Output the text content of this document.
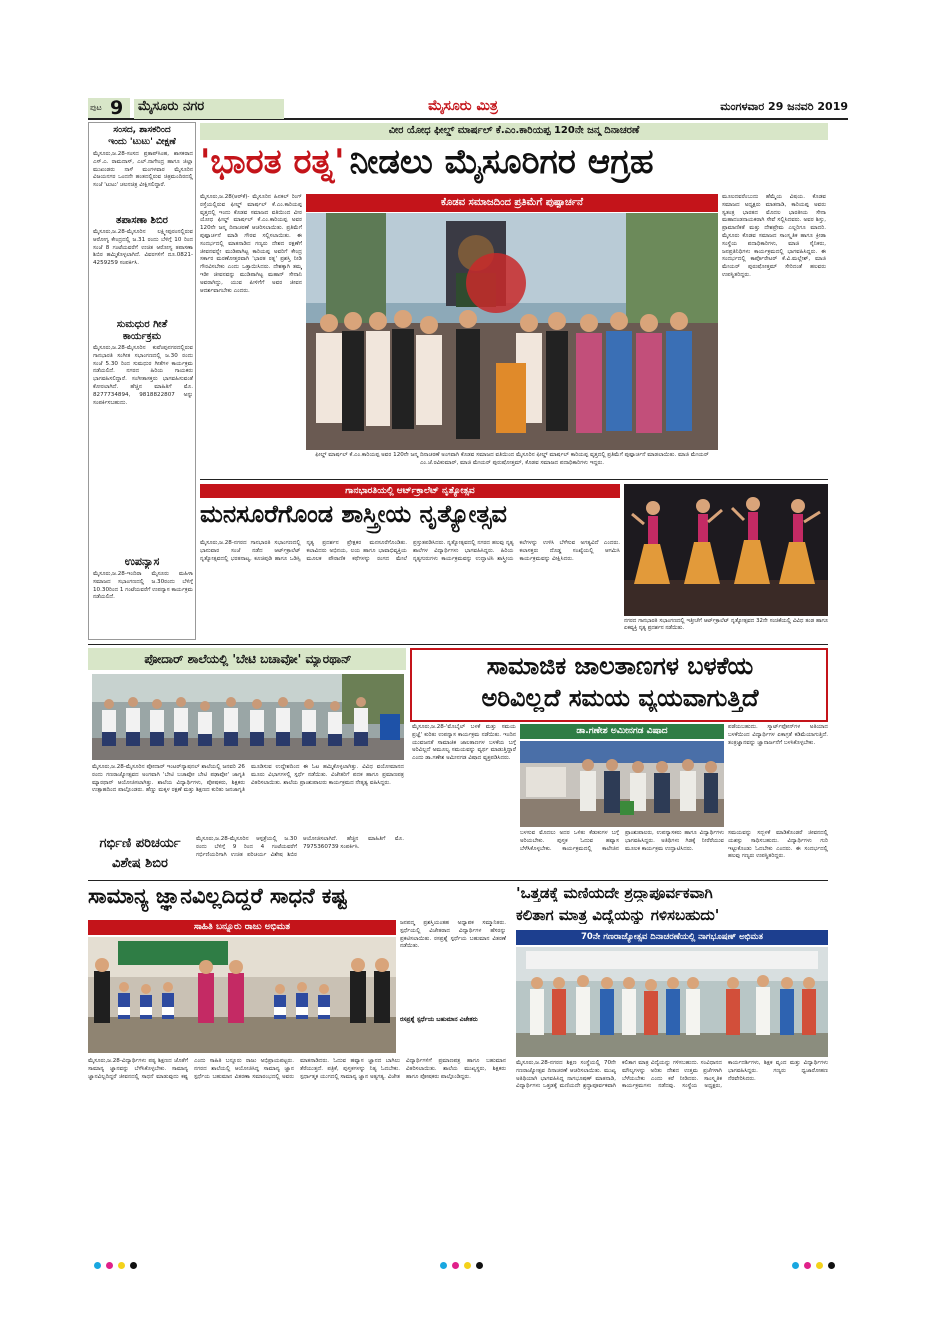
ಪುಟ 9	ಮೈಸೂರು ನಗರ	ಮೈಸೂರು ಮಿತ್ರ	ಮಂಗಳವಾರ 29 ಜನವರಿ 2019
ಸಂಸದ, ಶಾಸಕರಿಂದ
ಇಂದು 'ಟುಟು' ವೀಕ್ಷಣೆ
ಮೈಸೂರು,ಜ.28-ಸಂಸದ ಪ್ರತಾಪ್‌ಸಿಂಹ, ಶಾಸಕರಾದ ಎಸ್.ಎ. ರಾಮದಾಸ್, ಎಲ್.ನಾಗೇಂದ್ರ ಹಾಗೂ ಜಿಲ್ಲಾ ಮುಖಂಡರು ನಾಳೆ ಮಂಗಳವಾರ ಮೈಸೂರಿನ ವಿಜಯನಗರ ಒಂದನೇ ಹಂತದಲ್ಲಿರುವ ಚಿತ್ರಮಂದಿರದಲ್ಲಿ ಸಂಜೆ 'ಟುಟು' ಚಲನಚಿತ್ರ ವೀಕ್ಷಿಸಲಿದ್ದಾರೆ.
ತಪಾಸಣಾ ಶಿಬಿರ
ಮೈಸೂರು,ಜ.28-ಮೈಸೂರಿನ ಲಕ್ಷ್ಮೀಪುರಂನಲ್ಲಿರುವ ಆರೋಗ್ಯ ಕೇಂದ್ರದಲ್ಲಿ ಜ.31 ರಂದು ಬೆಳಿಗ್ಗೆ 10 ರಿಂದ ಸಂಜೆ 8 ಗಂಟೆಯವರೆಗೆ ಉಚಿತ ಆರೋಗ್ಯ ತಪಾಸಣಾ ಶಿಬಿರ ಹಮ್ಮಿಕೊಳ್ಳಲಾಗಿದೆ. ವಿವರಗಳಿಗೆ ದೂ.0821-4259259 ಸಂಪರ್ಕಿಸಿ.
ಸುಮಧುರ ಗೀತೆ
ಕಾರ್ಯಕ್ರಮ
ಮೈಸೂರು,ಜ.28-ಮೈಸೂರಿನ ಕುವೆಂಪುನಗರದಲ್ಲಿರುವ ಗಾನಭಾರತಿ ಸಂಗೀತ ಸಭಾಂಗಣದಲ್ಲಿ ಜ.30 ರಂದು ಸಂಜೆ 5.30 ರಿಂದ ಸುಮಧುರ ಗೀತೆಗಳ ಕಾರ್ಯಕ್ರಮ ನಡೆಯಲಿದೆ. ನಗರದ ಹಿರಿಯ ಗಾಯಕರು ಭಾಗವಹಿಸಲಿದ್ದಾರೆ. ಸಂಗೀತಾಸಕ್ತರು ಭಾಗವಹಿಸುವಂತೆ ಕೋರಲಾಗಿದೆ. ಹೆಚ್ಚಿನ ಮಾಹಿತಿಗೆ ಮೊ. 8277734894, 9818822807 ಅನ್ನು ಸಂಪರ್ಕಿಸಬಹುದು.
ಉಪನ್ಯಾಸ
ಮೈಸೂರು,ಜ.28-ಇಂದಿರಾ ಮೈಸೂರು ಮಹಿಳಾ ಸಮಾಜದ ಸಭಾಂಗಣದಲ್ಲಿ ಜ.30ರಂದು ಬೆಳಿಗ್ಗೆ 10.30ರಿಂದ 1 ಗಂಟೆಯವರೆಗೆ ಉಪನ್ಯಾಸ ಕಾರ್ಯಕ್ರಮ ನಡೆಯಲಿದೆ.
ವೀರ ಯೋಧ ಫೀಲ್ಡ್ ಮಾರ್ಷಲ್ ಕೆ.ಎಂ.ಕಾರಿಯಪ್ಪ 120ನೇ ಜನ್ಮ ದಿನಾಚರಣೆ
'ಭಾರತ ರತ್ನ' ನೀಡಲು ಮೈಸೂರಿಗರ ಆಗ್ರಹ
ಮೈಸೂರು,ಜ.28(ಆರ್‌ಕೆ)- ಮೈಸೂರಿನ ಹಿನಕಲ್ ರಿಂಗ್ ರಸ್ತೆಯಲ್ಲಿರುವ ಫೀಲ್ಡ್ ಮಾರ್ಷಲ್ ಕೆ.ಎಂ.ಕಾರಿಯಪ್ಪ ವೃತ್ತದಲ್ಲಿ ಇಂದು ಕೊಡವ ಸಮಾಜದ ವತಿಯಿಂದ ವೀರ ಯೋಧ ಫೀಲ್ಡ್ ಮಾರ್ಷಲ್ ಕೆ.ಎಂ.ಕಾರಿಯಪ್ಪ ಅವರ 120ನೇ ಜನ್ಮ ದಿನಾಚರಣೆ ಆಚರಿಸಲಾಯಿತು. ಪ್ರತಿಮೆಗೆ ಪುಷ್ಪಾರ್ಚನೆ ಮಾಡಿ ಗೌರವ ಸಲ್ಲಿಸಲಾಯಿತು. ಈ ಸಂದರ್ಭದಲ್ಲಿ ಮಾತನಾಡಿದ ಗಣ್ಯರು ದೇಶದ ರಕ್ಷಣೆಗೆ ಜೀವನವನ್ನೇ ಮುಡಿಪಾಗಿಟ್ಟ ಕಾರಿಯಪ್ಪ ಅವರಿಗೆ ಕೇಂದ್ರ ಸರ್ಕಾರ ಮರಣೋತ್ತರವಾಗಿ 'ಭಾರತ ರತ್ನ' ಪ್ರಶಸ್ತಿ ನೀಡಿ ಗೌರವಿಸಬೇಕು ಎಂದು ಒತ್ತಾಯಿಸಿದರು. ದೇಶಕ್ಕಾಗಿ ತಮ್ಮ ಇಡೀ ಜೀವನವನ್ನು ಮುಡಿಪಾಗಿಟ್ಟ ಮಹಾನ್ ಸೇನಾನಿ ಅವರಾಗಿದ್ದು, ಯುವ ಪೀಳಿಗೆಗೆ ಅವರ ಜೀವನ ಆದರ್ಶವಾಗಬೇಕು ಎಂದರು.
ಮೂಲದವರೆಂಬುದು ಹೆಮ್ಮೆಯ ವಿಷಯ. ಕೊಡವ ಸಮಾಜದ ಅಧ್ಯಕ್ಷರು ಮಾತನಾಡಿ, ಕಾರಿಯಪ್ಪ ಅವರು ಸ್ವತಂತ್ರ ಭಾರತದ ಮೊದಲ ಭಾರತೀಯ ಸೇನಾ ಮಹಾದಂಡನಾಯಕರಾಗಿ ಸೇವೆ ಸಲ್ಲಿಸಿದವರು. ಅವರ ಶಿಸ್ತು, ಪ್ರಾಮಾಣಿಕತೆ ಮತ್ತು ದೇಶಪ್ರೇಮ ಎಲ್ಲರಿಗೂ ಮಾದರಿ. ಮೈಸೂರು ಕೊಡವ ಸಮಾಜದ ಸಾಂಸ್ಕೃತಿಕ ಹಾಗೂ ಕ್ರೀಡಾ ಸಂಸ್ಥೆಯ ಪದಾಧಿಕಾರಿಗಳು, ಮಾಜಿ ಸೈನಿಕರು, ಜನಪ್ರತಿನಿಧಿಗಳು ಕಾರ್ಯಕ್ರಮದಲ್ಲಿ ಭಾಗವಹಿಸಿದ್ದರು. ಈ ಸಂದರ್ಭದಲ್ಲಿ ಕಾರ್ಪೊರೇಟರ್ ಕೆ.ವಿ.ಮಲ್ಲೇಶ್, ಮಾಜಿ ಮೇಯರ್ ಪುರುಷೋತ್ತಮ್ ಸೇರಿದಂತೆ ಹಲವರು ಉಪಸ್ಥಿತರಿದ್ದರು.
ಕೊಡವ ಸಮಾಜದಿಂದ ಪ್ರತಿಮೆಗೆ ಪುಷ್ಪಾರ್ಚನೆ
ಫೀಲ್ಡ್ ಮಾರ್ಷಲ್ ಕೆ.ಎಂ.ಕಾರಿಯಪ್ಪ ಅವರ 120ನೇ ಜನ್ಮ ದಿನಾಚರಣೆ ಅಂಗವಾಗಿ ಕೊಡವ ಸಮಾಜದ ವತಿಯಿಂದ ಮೈಸೂರಿನ ಫೀಲ್ಡ್ ಮಾರ್ಷಲ್ ಕಾರಿಯಪ್ಪ ವೃತ್ತದಲ್ಲಿ ಪ್ರತಿಮೆಗೆ ಪುಷ್ಪಾರ್ಚನೆ ಮಾಡಲಾಯಿತು. ಮಾಜಿ ಮೇಯರ್ ಎಂ.ಜೆ.ರವಿಕುಮಾರ್, ಮಾಜಿ ಮೇಯರ್ ಪುರುಷೋತ್ತಮ್, ಕೊಡವ ಸಮಾಜದ ಪದಾಧಿಕಾರಿಗಳು ಇದ್ದರು.
ಗಾನಭಾರತಿಯಲ್ಲಿ ಆರ್ಟ್‌ಕ್ರಾಲೆಟ್ ನೃತ್ಯೋತ್ಸವ
ಮನಸೂರೆಗೊಂಡ ಶಾಸ್ತ್ರೀಯ ನೃತ್ಯೋತ್ಸವ
ಮೈಸೂರು,ಜ.28-ನಗರದ ಗಾನಭಾರತಿ ಸಭಾಂಗಣದಲ್ಲಿ ಭಾನುವಾರ ಸಂಜೆ ನಡೆದ ಆರ್ಟ್‌ಕ್ರಾಲೆಟ್ ನೃತ್ಯೋತ್ಸವದಲ್ಲಿ ಭರತನಾಟ್ಯ, ಕೂಚಿಪುಡಿ ಹಾಗೂ ಒಡಿಸ್ಸಿ ನೃತ್ಯ ಪ್ರದರ್ಶನ ಪ್ರೇಕ್ಷಕರ ಮನಸೂರೆಗೊಂಡಿತು. ಕಲಾವಿದರು ಅಭಿನಯ, ಲಯ ಹಾಗೂ ಭಾವಾಭಿವ್ಯಕ್ತಿಯ ಮೂಲಕ ಪೌರಾಣಿಕ ಕಥೆಗಳನ್ನು ರಂಗದ ಮೇಲೆ ಪ್ರಸ್ತುತಪಡಿಸಿದರು. ನೃತ್ಯೋತ್ಸವದಲ್ಲಿ ನಗರದ ಹಲವು ನೃತ್ಯ ಶಾಲೆಗಳ ವಿದ್ಯಾರ್ಥಿಗಳು ಭಾಗವಹಿಸಿದ್ದರು. ಹಿರಿಯ ನೃತ್ಯಗುರುಗಳು ಕಾರ್ಯಕ್ರಮವನ್ನು ಉದ್ಘಾಟಿಸಿ ಶಾಸ್ತ್ರೀಯ ಕಲೆಗಳನ್ನು ಉಳಿಸಿ ಬೆಳೆಸುವ ಅಗತ್ಯವಿದೆ ಎಂದರು. ಕಲಾಸಕ್ತರು ದೊಡ್ಡ ಸಂಖ್ಯೆಯಲ್ಲಿ ಆಗಮಿಸಿ ಕಾರ್ಯಕ್ರಮವನ್ನು ವೀಕ್ಷಿಸಿದರು.
ನಗರದ ಗಾನಭಾರತಿ ಸಭಾಂಗಣದಲ್ಲಿ ಇತ್ತೀಚೆಗೆ ಆರ್ಟ್‌ಕ್ರಾಲೆಟ್ ನೃತ್ಯೋತ್ಸವದ 32ನೇ ಸಂಚಿಕೆಯಲ್ಲಿ ವಿವಿಧ ತಂಡ ಹಾಗೂ ಏಕವ್ಯಕ್ತಿ ನೃತ್ಯ ಪ್ರದರ್ಶನ ನಡೆಯಿತು.
ಪೋದಾರ್ ಶಾಲೆಯಲ್ಲಿ 'ಬೇಟಿ ಬಚಾವೋ' ಮ್ಯಾರಥಾನ್
ಮೈಸೂರು,ಜ.28-ಮೈಸೂರಿನ ಪೋದಾರ್ ಇಂಟರ್‌ನ್ಯಾಷನಲ್ ಶಾಲೆಯಲ್ಲಿ ಜನವರಿ 26 ರಂದು ಗಣರಾಜ್ಯೋತ್ಸವದ ಅಂಗವಾಗಿ 'ಬೇಟಿ ಬಚಾವೋ ಬೇಟಿ ಪಢಾವೋ' ಜಾಗೃತಿ ಮ್ಯಾರಥಾನ್ ಆಯೋಜಿಸಲಾಗಿತ್ತು. ಶಾಲೆಯ ವಿದ್ಯಾರ್ಥಿಗಳು, ಪೋಷಕರು, ಶಿಕ್ಷಕರು ಉತ್ಸಾಹದಿಂದ ಪಾಲ್ಗೊಂಡರು. ಹೆಣ್ಣು ಮಕ್ಕಳ ರಕ್ಷಣೆ ಮತ್ತು ಶಿಕ್ಷಣದ ಕುರಿತು ಜನಜಾಗೃತಿ ಮೂಡಿಸುವ ಉದ್ದೇಶದಿಂದ ಈ ಓಟ ಹಮ್ಮಿಕೊಳ್ಳಲಾಗಿತ್ತು. ವಿವಿಧ ವಯೋಮಾನದ ಮೂರು ವಿಭಾಗಗಳಲ್ಲಿ ಸ್ಪರ್ಧೆ ನಡೆಯಿತು. ವಿಜೇತರಿಗೆ ಪದಕ ಹಾಗೂ ಪ್ರಮಾಣಪತ್ರ ವಿತರಿಸಲಾಯಿತು. ಶಾಲೆಯ ಪ್ರಾಂಶುಪಾಲರು ಕಾರ್ಯಕ್ರಮದ ನೇತೃತ್ವ ವಹಿಸಿದ್ದರು.
ಗರ್ಭಿಣಿ ಪರಿಚರ್ಯ
ವಿಶೇಷ ಶಿಬಿರ
ಮೈಸೂರು,ಜ.28-ಮೈಸೂರಿನ ಆಸ್ಪತ್ರೆಯಲ್ಲಿ ಜ.30 ರಂದು ಬೆಳಿಗ್ಗೆ 9 ರಿಂದ 4 ಗಂಟೆಯವರೆಗೆ ಗರ್ಭಿಣಿಯರಿಗಾಗಿ ಉಚಿತ ಪರಿಚರ್ಯ ವಿಶೇಷ ಶಿಬಿರ ಆಯೋಜಿಸಲಾಗಿದೆ. ಹೆಚ್ಚಿನ ಮಾಹಿತಿಗೆ ಮೊ. 7975360739 ಸಂಪರ್ಕಿಸಿ.
ಸಾಮಾಜಿಕ ಜಾಲತಾಣಗಳ ಬಳಕೆಯ
ಅರಿವಿಲ್ಲದೆ ಸಮಯ ವ್ಯಯವಾಗುತ್ತಿದೆ
ಮೈಸೂರು,ಜ.28-'ಮೊಬೈಲ್ ಬಳಕೆ ಮತ್ತು ಸಮಯ ಪ್ರಜ್ಞೆ' ಕುರಿತು ಉಪನ್ಯಾಸ ಕಾರ್ಯಕ್ರಮ ನಡೆಯಿತು. ಇಂದಿನ ಯುವಜನತೆ ಸಾಮಾಜಿಕ ಜಾಲತಾಣಗಳ ಬಳಕೆಯ ಬಗ್ಗೆ ಅರಿವಿಲ್ಲದೆ ಅಮೂಲ್ಯ ಸಮಯವನ್ನು ವ್ಯರ್ಥ ಮಾಡುತ್ತಿದ್ದಾರೆ ಎಂದು ಡಾ.ಗಣೇಶ ಅಮೀನಗಡ ವಿಷಾದ ವ್ಯಕ್ತಪಡಿಸಿದರು.
ಡಾ.ಗಣೇಶ ಅಮೀನಗಡ ವಿಷಾದ	ಪಡೆಯಬಹುದು. ಸ್ಮಾರ್ಟ್‌ಫೋನ್‌ಗಳ ಅತಿಯಾದ ಬಳಕೆಯಿಂದ ವಿದ್ಯಾರ್ಥಿಗಳ ಏಕಾಗ್ರತೆ ಕಡಿಮೆಯಾಗುತ್ತಿದೆ. ತಂತ್ರಜ್ಞಾನವನ್ನು ಜ್ಞಾನಾರ್ಜನೆಗೆ ಬಳಸಿಕೊಳ್ಳಬೇಕು.
ಬಳಸುವ ಮೊದಲು ಅದರ ಒಳಿತು ಕೆಡುಕುಗಳ ಬಗ್ಗೆ ಅರಿಯಬೇಕು. ಪುಸ್ತಕ ಓದುವ ಹವ್ಯಾಸ ಬೆಳೆಸಿಕೊಳ್ಳಬೇಕು. ಕಾರ್ಯಕ್ರಮದಲ್ಲಿ ಕಾಲೇಜಿನ ಪ್ರಾಂಶುಪಾಲರು, ಉಪನ್ಯಾಸಕರು ಹಾಗೂ ವಿದ್ಯಾರ್ಥಿಗಳು ಭಾಗವಹಿಸಿದ್ದರು. ಅತಿಥಿಗಳು ಗಿಡಕ್ಕೆ ನೀರೆರೆಯುವ ಮೂಲಕ ಕಾರ್ಯಕ್ರಮ ಉದ್ಘಾಟಿಸಿದರು.
ಸಮಯವನ್ನು ಸದ್ಬಳಕೆ ಮಾಡಿಕೊಂಡರೆ ಜೀವನದಲ್ಲಿ ಯಶಸ್ಸು ಸಾಧಿಸಬಹುದು. ವಿದ್ಯಾರ್ಥಿಗಳು ಗುರಿ ಇಟ್ಟುಕೊಂಡು ಓದಬೇಕು ಎಂದರು. ಈ ಸಂದರ್ಭದಲ್ಲಿ ಹಲವು ಗಣ್ಯರು ಉಪಸ್ಥಿತರಿದ್ದರು.
ಸಾಮಾನ್ಯ ಜ್ಞಾನವಿಲ್ಲದಿದ್ದರೆ ಸಾಧನೆ ಕಷ್ಟ
ಸಾಹಿತಿ ಬನ್ನೂರು ರಾಜು ಅಭಿಮತ	ಜನಪದ್ಮ ಪ್ರಶಸ್ತಿಯಂತಹ ಅಧ್ಯಾಪಕ ಸಮ್ಮಾನಿತರು. ಸ್ಪರ್ಧೆಯಲ್ಲಿ ವಿಜೇತರಾದ ವಿದ್ಯಾರ್ಥಿಗಳ ಹೆಸರನ್ನು ಪ್ರಕಟಿಸಲಾಯಿತು. ರಸಪ್ರಶ್ನೆ ಸ್ಪರ್ಧೆಯ ಬಹುಮಾನ ವಿತರಣೆ ನಡೆಯಿತು.
ರಸಪ್ರಶ್ನೆ ಸ್ಪರ್ಧೆಯ ಬಹುಮಾನ ವಿಜೇತರು
ಮೈಸೂರು,ಜ.28-ವಿದ್ಯಾರ್ಥಿಗಳು ಪಠ್ಯ ಶಿಕ್ಷಣದ ಜೊತೆಗೆ ಸಾಮಾನ್ಯ ಜ್ಞಾನವನ್ನು ಬೆಳೆಸಿಕೊಳ್ಳಬೇಕು. ಸಾಮಾನ್ಯ ಜ್ಞಾನವಿಲ್ಲದಿದ್ದರೆ ಜೀವನದಲ್ಲಿ ಸಾಧನೆ ಮಾಡುವುದು ಕಷ್ಟ ಎಂದು ಸಾಹಿತಿ ಬನ್ನೂರು ರಾಜು ಅಭಿಪ್ರಾಯಪಟ್ಟರು. ನಗರದ ಶಾಲೆಯಲ್ಲಿ ಆಯೋಜಿಸಿದ್ದ ಸಾಮಾನ್ಯ ಜ್ಞಾನ ಸ್ಪರ್ಧೆಯ ಬಹುಮಾನ ವಿತರಣಾ ಸಮಾರಂಭದಲ್ಲಿ ಅವರು ಮಾತನಾಡಿದರು. ಓದುವ ಹವ್ಯಾಸ ಜ್ಞಾನದ ಬಾಗಿಲು ತೆರೆಯುತ್ತದೆ. ಪತ್ರಿಕೆ, ಪುಸ್ತಕಗಳನ್ನು ನಿತ್ಯ ಓದಬೇಕು. ಸ್ಪರ್ಧಾತ್ಮಕ ಯುಗದಲ್ಲಿ ಸಾಮಾನ್ಯ ಜ್ಞಾನ ಅತ್ಯಗತ್ಯ. ವಿಜೇತ ವಿದ್ಯಾರ್ಥಿಗಳಿಗೆ ಪ್ರಮಾಣಪತ್ರ ಹಾಗೂ ಬಹುಮಾನ ವಿತರಿಸಲಾಯಿತು. ಶಾಲೆಯ ಮುಖ್ಯಸ್ಥರು, ಶಿಕ್ಷಕರು ಹಾಗೂ ಪೋಷಕರು ಪಾಲ್ಗೊಂಡಿದ್ದರು.
'ಒತ್ತಡಕ್ಕೆ ಮಣಿಯದೇ ಶ್ರದ್ಧಾಪೂರ್ವಕವಾಗಿ
ಕಲಿತಾಗ ಮಾತ್ರ ವಿದ್ಯೆಯನ್ನು ಗಳಿಸಬಹುದು'
70ನೇ ಗಣರಾಜ್ಯೋತ್ಸವ ದಿನಾಚರಣೆಯಲ್ಲಿ ನಾಗಭೂಷಣ್ ಅಭಿಮತ
ಮೈಸೂರು,ಜ.28-ನಗರದ ಶಿಕ್ಷಣ ಸಂಸ್ಥೆಯಲ್ಲಿ 70ನೇ ಗಣರಾಜ್ಯೋತ್ಸವ ದಿನಾಚರಣೆ ಆಚರಿಸಲಾಯಿತು. ಮುಖ್ಯ ಅತಿಥಿಯಾಗಿ ಭಾಗವಹಿಸಿದ್ದ ನಾಗಭೂಷಣ್ ಮಾತನಾಡಿ, ವಿದ್ಯಾರ್ಥಿಗಳು ಒತ್ತಡಕ್ಕೆ ಮಣಿಯದೇ ಶ್ರದ್ಧಾಪೂರ್ವಕವಾಗಿ ಕಲಿತಾಗ ಮಾತ್ರ ವಿದ್ಯೆಯನ್ನು ಗಳಿಸಬಹುದು. ಸಂವಿಧಾನದ ಮೌಲ್ಯಗಳನ್ನು ಅರಿತು ದೇಶದ ಉತ್ತಮ ಪ್ರಜೆಗಳಾಗಿ ಬೆಳೆಯಬೇಕು ಎಂದು ಕರೆ ನೀಡಿದರು. ಸಾಂಸ್ಕೃತಿಕ ಕಾರ್ಯಕ್ರಮಗಳು ನಡೆದವು. ಸಂಸ್ಥೆಯ ಅಧ್ಯಕ್ಷರು, ಕಾರ್ಯದರ್ಶಿಗಳು, ಶಿಕ್ಷಕ ವೃಂದ ಮತ್ತು ವಿದ್ಯಾರ್ಥಿಗಳು ಭಾಗವಹಿಸಿದ್ದರು. ಗಣ್ಯರು ಧ್ವಜಾರೋಹಣ ನೆರವೇರಿಸಿದರು.
